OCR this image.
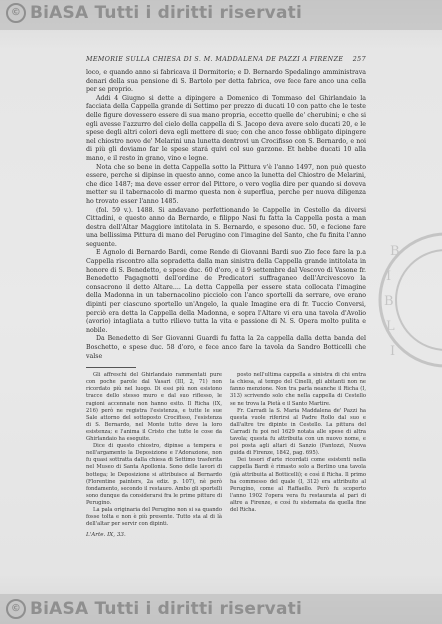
© BiASA Tutti i diritti riservati
B
I
B
L
I
MEMORIE SULLA CHIESA DI S. M. MADDALENA DE PAZZI A FIRENZE 257

loco, e quando anno si fabricava il Dormitorio; e D. Bernardo Spedalingo amministrava denari della sua pensione di S. Bartolo per detta fabrica, ove fece fare anco una cella per se proprio.

Addi 4 Giugno si dette a dipingere a Domenico di Tommaso del Ghirlandaio la facciata della Cappella grande di Settimo per prezzo di ducati 10 con patto che le teste delle figure dovessero essere di sua mano propria, eccetto quelle de' cherubini; e che si egli avesse l'azzurro del cielo della cappella di S. Jacopo deva avere solo ducati 20, e le spese degli altri colori deva egli mettere di suo; con che anco fosse obbligato dipingere nel chiostro novo de' Melarini una lunetta dentrovi un Crocifisso con S. Bernardo, e noi di più gli doviamo far le spese stará quivi col suo garzone. Et hebbe ducati 10 alla mano, e il resto in grano, vino e legne.

Nota che so bene in detta Cappella sotto la Pittura v'è l'anno 1497, non può questo essere, perche si dipinse in questo anno, come anco la lunetta del Chiostro de Melarini, che dice 1487; ma deve esser error del Pittore, o vero voglia dire per quando si doveva metter su il tabernacolo di marmo questa non è superflua, perche per nuova diligenza ho trovato esser l'anno 1485.

(fol. 59 v.). 1488. Si andavano perfettionando le Cappelle in Cestello da diversi Cittadini, e questo anno da Bernardo, e filippo Nasi fu fatta la Cappella posta a man destra dell'Altar Maggiore intitolata in S. Bernardo, e spesono duc. 50, e fecione fare una bellissima Pittura di mano del Perugino con l'imagine del Santo, che fu finita l'anno seguente.

E Agnolo di Bernardo Bardi, come Rende di Giovanni Bardi suo Zio fece fare la p.a Cappella riscontro alla sopradetta dalla man sinistra della Cappella grande intitolata in honore di S. Benedetto, e spese duc. 60 d'oro, e il 9 settembre dal Vescovo di Vasone fr. Benedetto Pagagnotti dell'ordine de Predicatori suffraganeo dell'Arcivescovo la consacrono il detto Altare.... La detta Cappella per essere stata collocata l'imagine della Madonna in un tabernacolino picciolo con l'anco sportelli da serrare, ove erano dipinti per ciascuno sportello un'Angelo, la quale Imagine era di fr. Tuccio Conversi, perciò era detta la Cappella della Madonna, e sopra l'Altare vi era una tavola d'Avolio (avorio) intagliata a tutto rilievo tutta la vita e passione di N. S. Opera molto pulita e nobile.

Da Benedetto di Ser Giovanni Guardi fu fatta la 2a cappella dalla detta banda del Boschetto, e spese duc. 58 d'oro, e fece anco fare la tavola da Sandro Botticelli che valse

Gli affreschi del Ghirlandaio rammentati pure con poche parole dal Vasari (III, 2, 71) non ricordato più nel luogo. Di essi più non esistono tracce dello stesso muro e dal suo riflesso, le ragioni accennate non hanno esito. Il Richa (IX, 216) però ne registra l'esistenza, e tutte le sue Sale attorno del sottoposto Crocifisso, l'esistenza di S. Bernardo, nel Monte tutto deve la loro esistenza; e l'anima il Cristo che tutte le cose da Ghirlandaio ha eseguite.

Dice di questo chiostro, dipinse a tempera e nell'argamento la Deposizione e l'Adorazione, non fu quasi sottratta dalla chiesa di Settimo trasferita nel Museo di Santa Apollonia. Sono delle lavori di bottega; le Deposizione si attribuisce al Bernardo (Florentine painters, 2a ediz. p. 107), nè però fondamento, secondo il restauro. Ambo gli sportelli sono dunque da considerarsi fra le prime pitture di Perugino.

La pala originaria del Perugino non si sa quando fosse tolta e non è più presente. Tutto sta al di là dell'altar per servir con dipinti.

posto nell'ultima cappella a sinistra di chi entra la chiesa, al tempo del Cinelli, gli abitanti non ne fanno menzione. Non tra parla neanche il Richa (I, 313) scrivendo solo che nella cappella di Cestello se ne trova la Pietà e il Santo Martire.

Fr. Carradi la S. Maria Maddalena de' Pazzi ha questa vuole riferirsi al Padre Rollo dal suo e dall'altre tre dipinte in Cestello. La pittura del Carradi fu poi nel 1629 notata alle spese di altra tavola; questa fu attribuita con un nuovo nome, e poi posta agli altari di Sanzio (Fantozzi, Nuova guida di Firenze, 1842, pag. 695).

Dei tesori d'arte ricordati come esistenti nella cappella Bardi è rimasto solo a Berlino una tavola (già attribuita al Botticelli); e così il Richa. Il primo ha commesso del quale (I, 312) era attribuito al Perugino, come al Raffaello. Però fu scoperto l'anno 1902 l'opera vera fu restaurata al pari di altre a Firenze, e così fu sistemata da quella fine del Richa.

L'Arte. IX, 33.
© BiASA Tutti i diritti riservati
